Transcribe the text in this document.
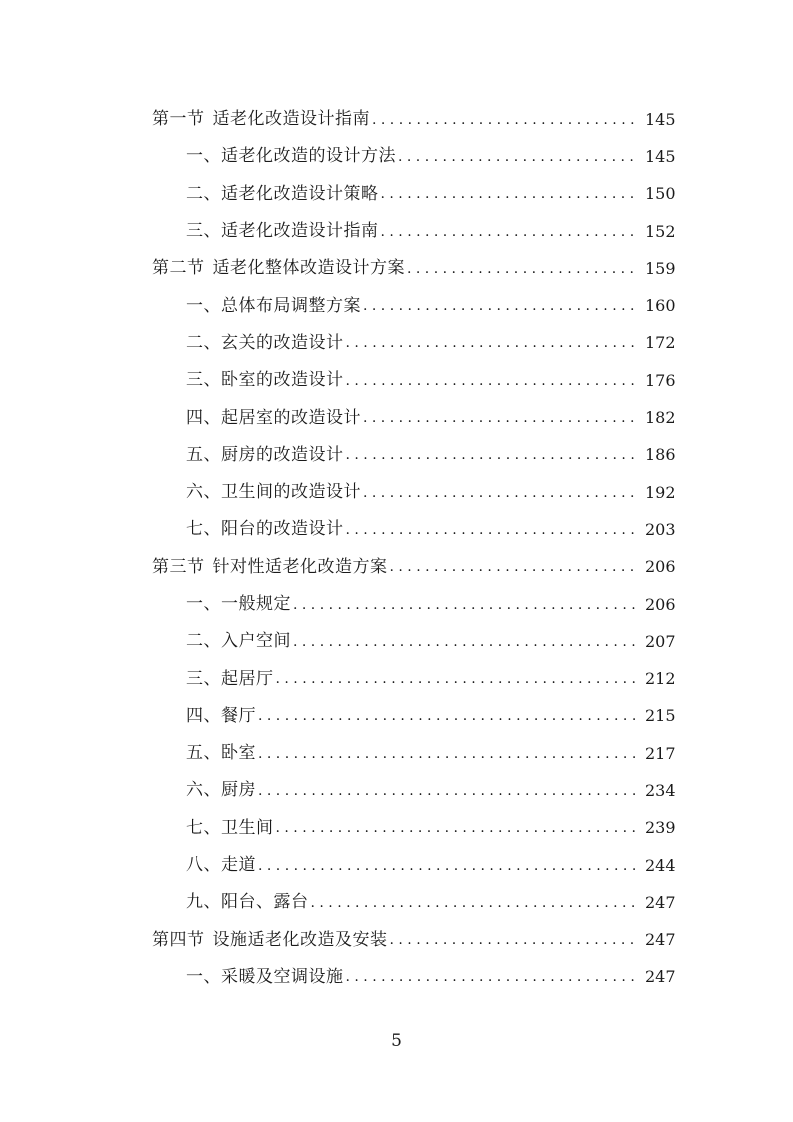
第一节 适老化改造设计指南 . . .	145
一、适老化改造的设计方法 . . .	145
二、适老化改造设计策略 . . .	150
三、适老化改造设计指南 . . .	152
第二节 适老化整体改造设计方案 . . .	159
一、总体布局调整方案 . . .	160
二、玄关的改造设计 . . .	172
三、卧室的改造设计 . . .	176
四、起居室的改造设计 . . .	182
五、厨房的改造设计 . . .	186
六、卫生间的改造设计 . . .	192
七、阳台的改造设计 . . .	203
第三节 针对性适老化改造方案 . . .	206
一、一般规定 . . .	206
二、入户空间 . . .	207
三、起居厅 . . .	212
四、餐厅 . . .	215
五、卧室 . . .	217
六、厨房 . . .	234
七、卫生间 . . .	239
八、走道 . . .	244
九、阳台、露台 . . .	247
第四节 设施适老化改造及安装 . . .	247
一、采暖及空调设施 . . .	247
5
